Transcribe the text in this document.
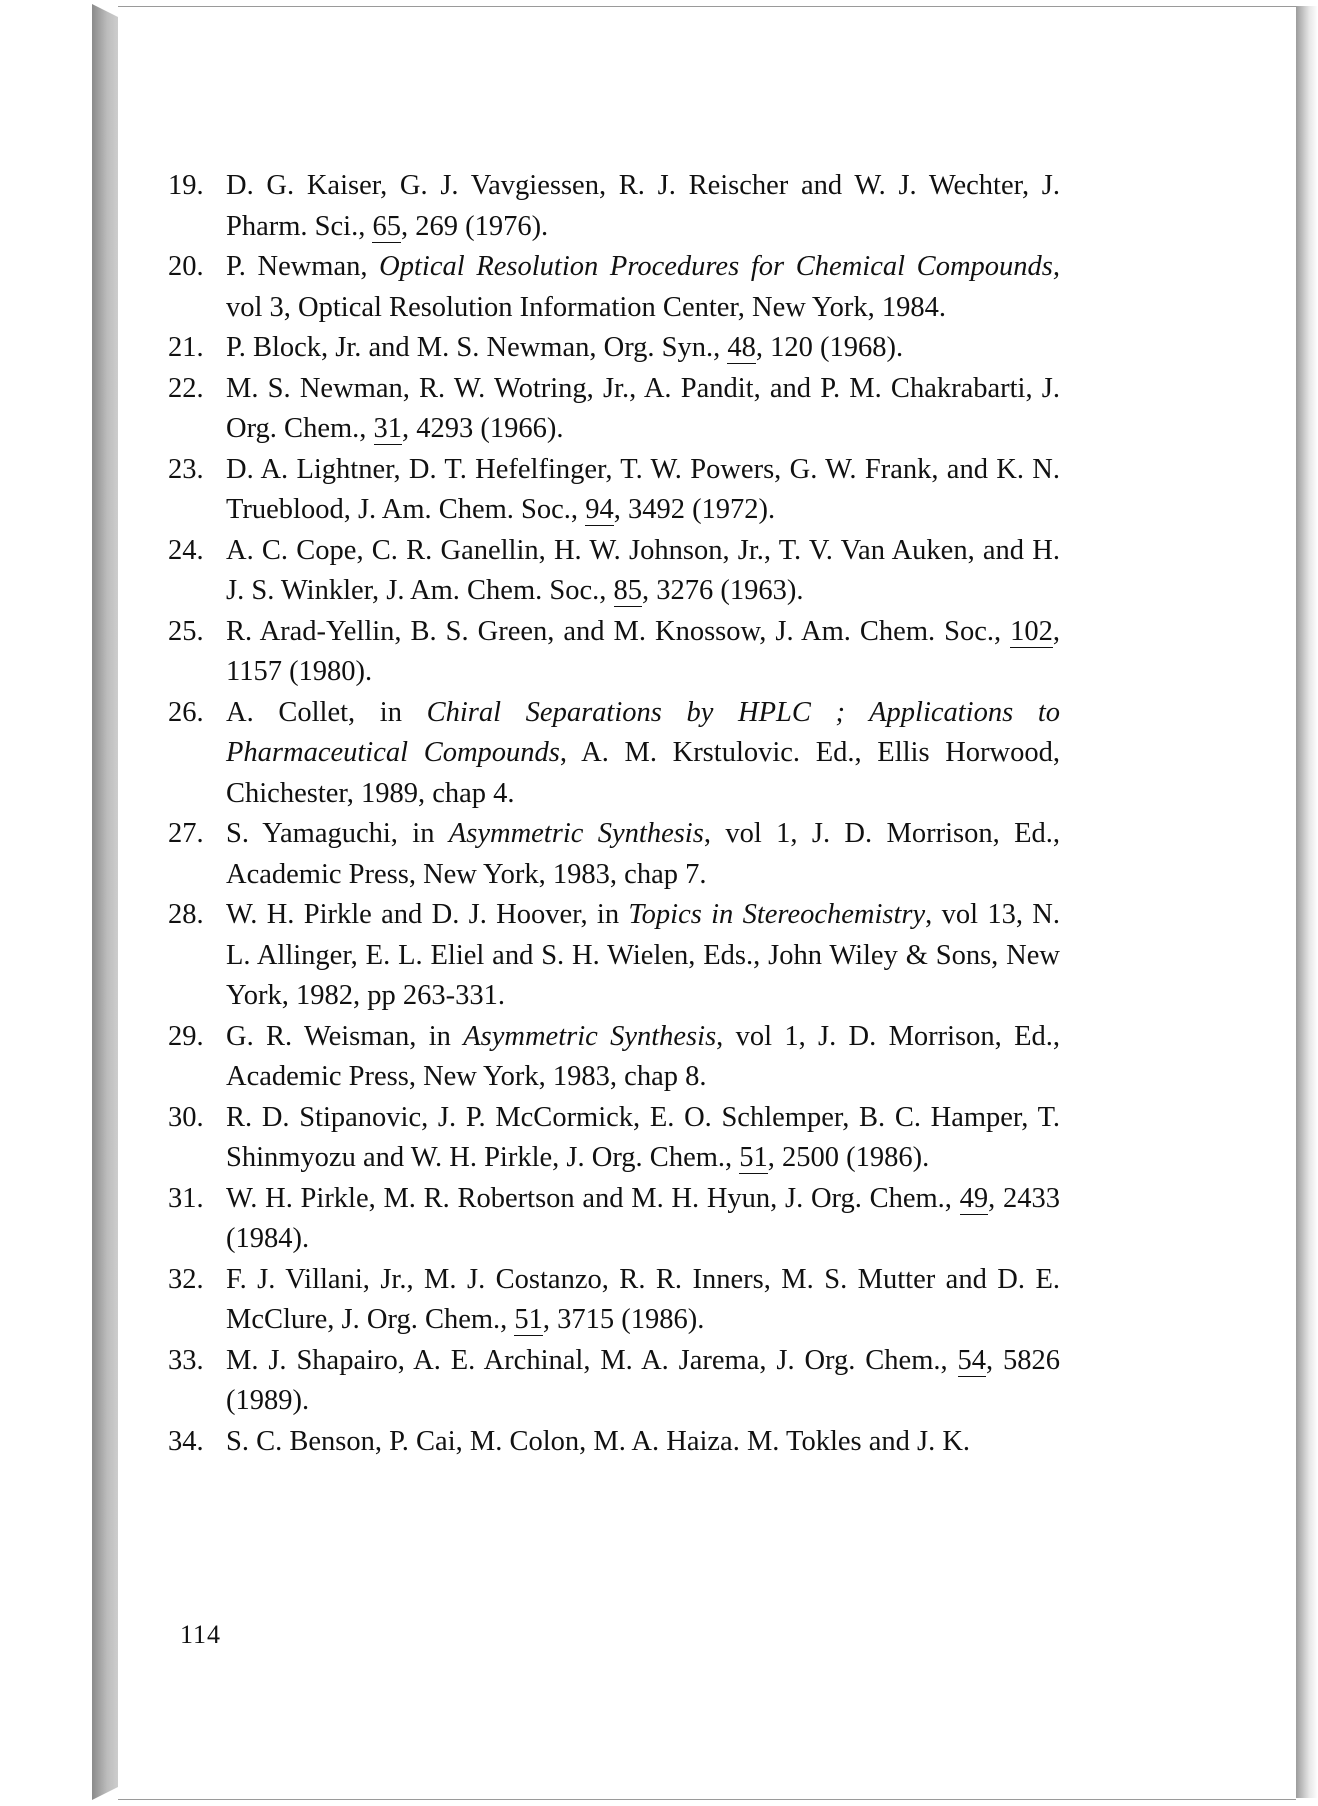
19. D. G. Kaiser, G. J. Vavgiessen, R. J. Reischer and W. J. Wechter, J. Pharm. Sci., 65, 269 (1976).
20. P. Newman, Optical Resolution Procedures for Chemical Compounds, vol 3, Optical Resolution Information Center, New York, 1984.
21. P. Block, Jr. and M. S. Newman, Org. Syn., 48, 120 (1968).
22. M. S. Newman, R. W. Wotring, Jr., A. Pandit, and P. M. Chakrabarti, J. Org. Chem., 31, 4293 (1966).
23. D. A. Lightner, D. T. Hefelfinger, T. W. Powers, G. W. Frank, and K. N. Trueblood, J. Am. Chem. Soc., 94, 3492 (1972).
24. A. C. Cope, C. R. Ganellin, H. W. Johnson, Jr., T. V. Van Auken, and H. J. S. Winkler, J. Am. Chem. Soc., 85, 3276 (1963).
25. R. Arad-Yellin, B. S. Green, and M. Knossow, J. Am. Chem. Soc., 102, 1157 (1980).
26. A. Collet, in Chiral Separations by HPLC ; Applications to Pharmaceutical Compounds, A. M. Krstulovic. Ed., Ellis Horwood, Chichester, 1989, chap 4.
27. S. Yamaguchi, in Asymmetric Synthesis, vol 1, J. D. Morrison, Ed., Academic Press, New York, 1983, chap 7.
28. W. H. Pirkle and D. J. Hoover, in Topics in Stereochemistry, vol 13, N. L. Allinger, E. L. Eliel and S. H. Wielen, Eds., John Wiley & Sons, New York, 1982, pp 263-331.
29. G. R. Weisman, in Asymmetric Synthesis, vol 1, J. D. Morrison, Ed., Academic Press, New York, 1983, chap 8.
30. R. D. Stipanovic, J. P. McCormick, E. O. Schlemper, B. C. Hamper, T. Shinmyozu and W. H. Pirkle, J. Org. Chem., 51, 2500 (1986).
31. W. H. Pirkle, M. R. Robertson and M. H. Hyun, J. Org. Chem., 49, 2433 (1984).
32. F. J. Villani, Jr., M. J. Costanzo, R. R. Inners, M. S. Mutter and D. E. McClure, J. Org. Chem., 51, 3715 (1986).
33. M. J. Shapairo, A. E. Archinal, M. A. Jarema, J. Org. Chem., 54, 5826 (1989).
34. S. C. Benson, P. Cai, M. Colon, M. A. Haiza. M. Tokles and J. K.
114
